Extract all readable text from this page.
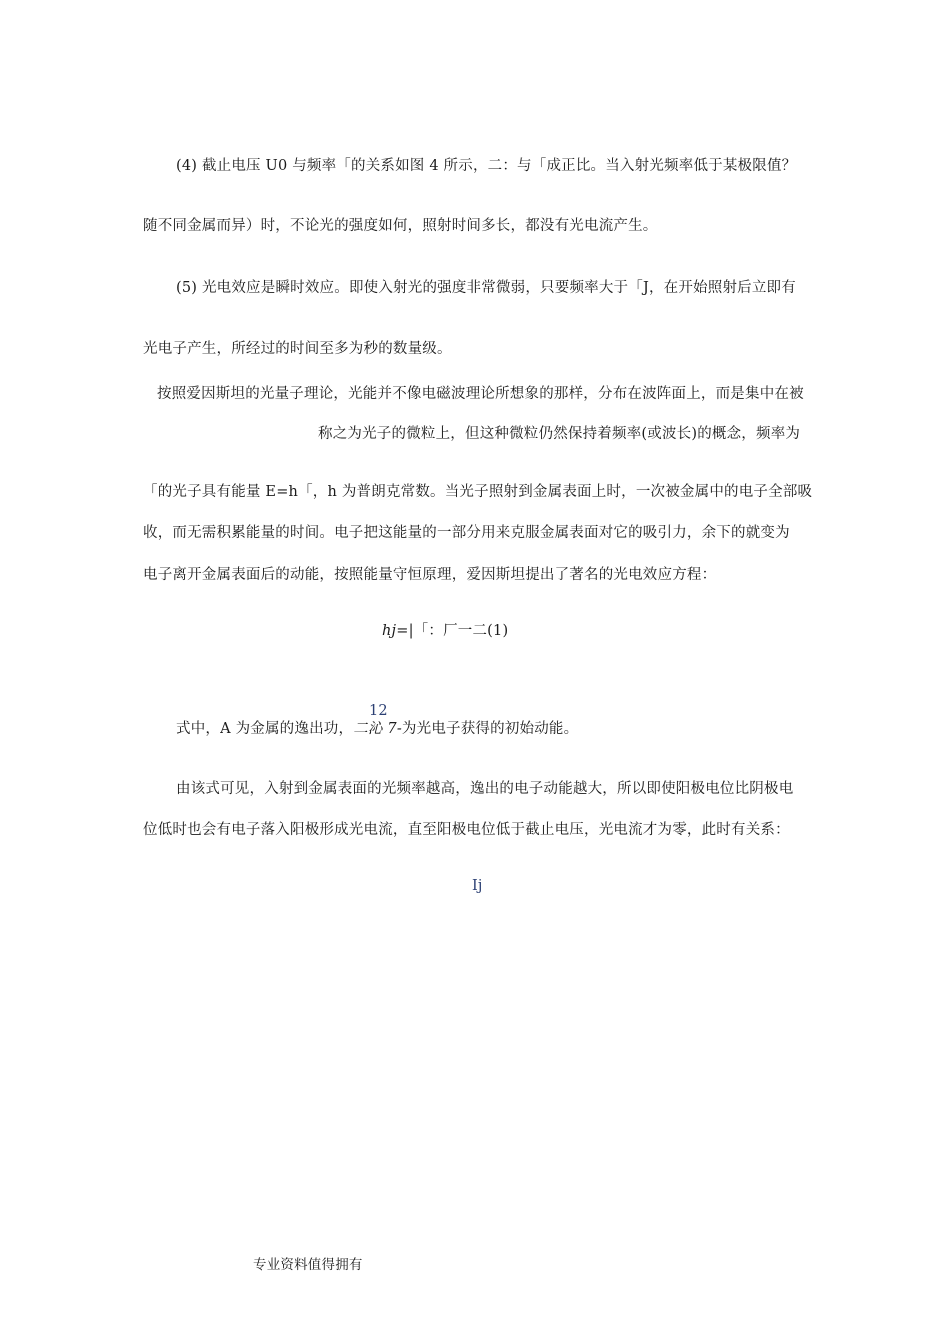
(4) 截止电压 U0 与频率「的关系如图 4 所示，二：与「成正比。当入射光频率低于某极限值？
随不同金属而异）时，不论光的强度如何，照射时间多长，都没有光电流产生。
(5) 光电效应是瞬时效应。即使入射光的强度非常微弱，只要频率大于「J，在开始照射后立即有
光电子产生，所经过的时间至多为秒的数量级。
按照爱因斯坦的光量子理论，光能并不像电磁波理论所想象的那样，分布在波阵面上，而是集中在被
称之为光子的微粒上，但这种微粒仍然保持着频率(或波长)的概念，频率为
「的光子具有能量 E=h「，h 为普朗克常数。当光子照射到金属表面上时，一次被金属中的电子全部吸
收，而无需积累能量的时间。电子把这能量的一部分用来克服金属表面对它的吸引力，余下的就变为
电子离开金属表面后的动能，按照能量守恒原理，爱因斯坦提出了著名的光电效应方程：
hj=|「：厂一二(1)
12
式中，A 为金属的逸出功，二沁 7-为光电子获得的初始动能。
由该式可见，入射到金属表面的光频率越高，逸出的电子动能越大，所以即使阳极电位比阴极电
位低时也会有电子落入阳极形成光电流，直至阳极电位低于截止电压，光电流才为零，此时有关系：
Ij
专业资料值得拥有
